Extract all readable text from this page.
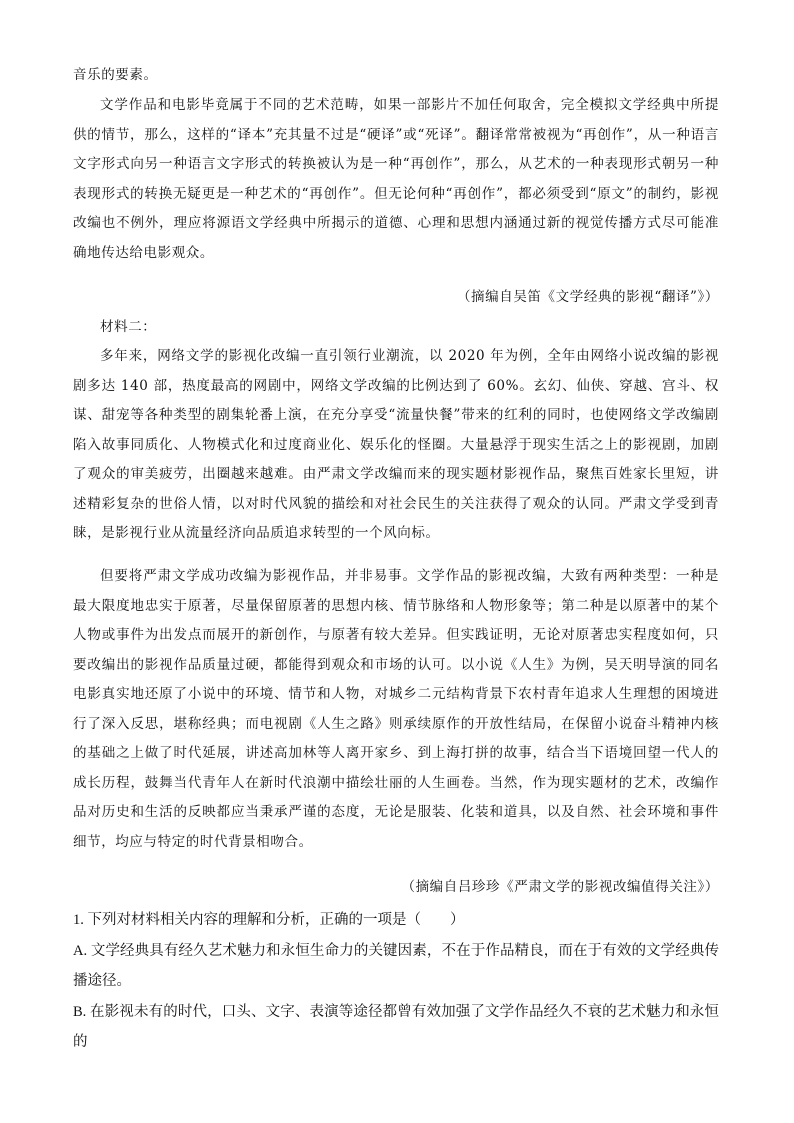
音乐的要素。

文学作品和电影毕竟属于不同的艺术范畴，如果一部影片不加任何取舍，完全模拟文学经典中所提供的情节，那么，这样的“译本”充其量不过是“硬译”或“死译”。翻译常常被视为“再创作”，从一种语言文字形式向另一种语言文字形式的转换被认为是一种“再创作”，那么，从艺术的一种表现形式朝另一种表现形式的转换无疑更是一种艺术的“再创作”。但无论何种“再创作”，都必须受到“原文”的制约，影视改编也不例外，理应将源语文学经典中所揭示的道德、心理和思想内涵通过新的视觉传播方式尽可能准确地传达给电影观众。

（摘编自吴笛《文学经典的影视“翻译”》）

材料二：

多年来，网络文学的影视化改编一直引领行业潮流，以 2020 年为例，全年由网络小说改编的影视剧多达 140 部，热度最高的网剧中，网络文学改编的比例达到了 60%。玄幻、仙侠、穿越、宫斗、权谋、甜宠等各种类型的剧集轮番上演，在充分享受“流量快餐”带来的红利的同时，也使网络文学改编剧陷入故事同质化、人物模式化和过度商业化、娱乐化的怪圈。大量悬浮于现实生活之上的影视剧，加剧了观众的审美疲劳，出圈越来越难。由严肃文学改编而来的现实题材影视作品，聚焦百姓家长里短，讲述精彩复杂的世俗人情，以对时代风貌的描绘和对社会民生的关注获得了观众的认同。严肃文学受到青睐，是影视行业从流量经济向品质追求转型的一个风向标。

但要将严肃文学成功改编为影视作品，并非易事。文学作品的影视改编，大致有两种类型：一种是最大限度地忠实于原著，尽量保留原著的思想内核、情节脉络和人物形象等；第二种是以原著中的某个人物或事件为出发点而展开的新创作，与原著有较大差异。但实践证明，无论对原著忠实程度如何，只要改编出的影视作品质量过硬，都能得到观众和市场的认可。以小说《人生》为例，吴天明导演的同名电影真实地还原了小说中的环境、情节和人物，对城乡二元结构背景下农村青年追求人生理想的困境进行了深入反思，堪称经典；而电视剧《人生之路》则承续原作的开放性结局，在保留小说奋斗精神内核的基础之上做了时代延展，讲述高加林等人离开家乡、到上海打拼的故事，结合当下语境回望一代人的成长历程，鼓舞当代青年人在新时代浪潮中描绘壮丽的人生画卷。当然，作为现实题材的艺术，改编作品对历史和生活的反映都应当秉承严谨的态度，无论是服装、化装和道具，以及自然、社会环境和事件细节，均应与特定的时代背景相吻合。

（摘编自吕珍珍《严肃文学的影视改编值得关注》）

1. 下列对材料相关内容的理解和分析，正确的一项是（　　）

A. 文学经典具有经久艺术魅力和永恒生命力的关键因素，不在于作品精良，而在于有效的文学经典传播途径。

B. 在影视未有的时代，口头、文字、表演等途径都曾有效加强了文学作品经久不衰的艺术魅力和永恒的
